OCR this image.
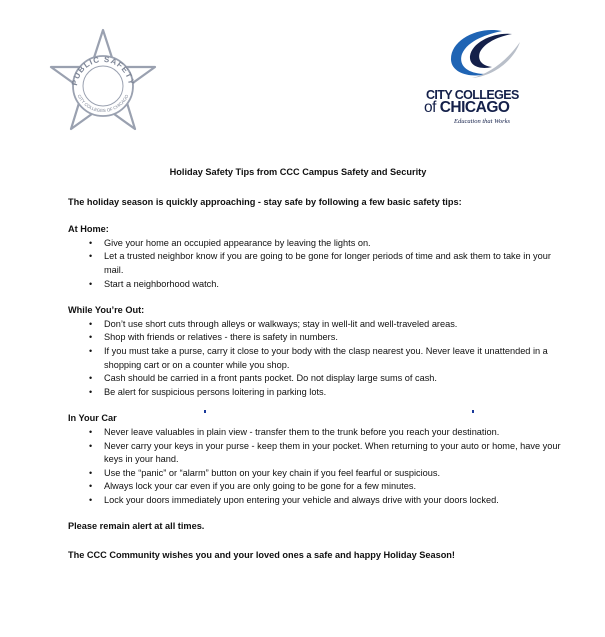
PUBLIC SAFETY
CITY COLLEGES OF CHICAGO	CITY COLLEGES
of CHICAGO
Education that Works

Holiday Safety Tips from CCC Campus Safety and Security

The holiday season is quickly approaching - stay safe by following a few basic safety tips:

At Home:

• Give your home an occupied appearance by leaving the lights on.
• Let a trusted neighbor know if you are going to be gone for longer periods of time and ask them to take in your mail.
• Start a neighborhood watch.

While You’re Out:

• Don’t use short cuts through alleys or walkways; stay in well-lit and well-traveled areas.
• Shop with friends or relatives - there is safety in numbers.
• If you must take a purse, carry it close to your body with the clasp nearest you. Never leave it unattended in a shopping cart or on a counter while you shop.
• Cash should be carried in a front pants pocket. Do not display large sums of cash.
• Be alert for suspicious persons loitering in parking lots.

In Your Car

• Never leave valuables in plain view - transfer them to the trunk before you reach your destination.
• Never carry your keys in your purse - keep them in your pocket. When returning to your auto or home, have your keys in your hand.
• Use the “panic” or “alarm” button on your key chain if you feel fearful or suspicious.
• Always lock your car even if you are only going to be gone for a few minutes.
• Lock your doors immediately upon entering your vehicle and always drive with your doors locked.

Please remain alert at all times.

The CCC Community wishes you and your loved ones a safe and happy Holiday Season!
